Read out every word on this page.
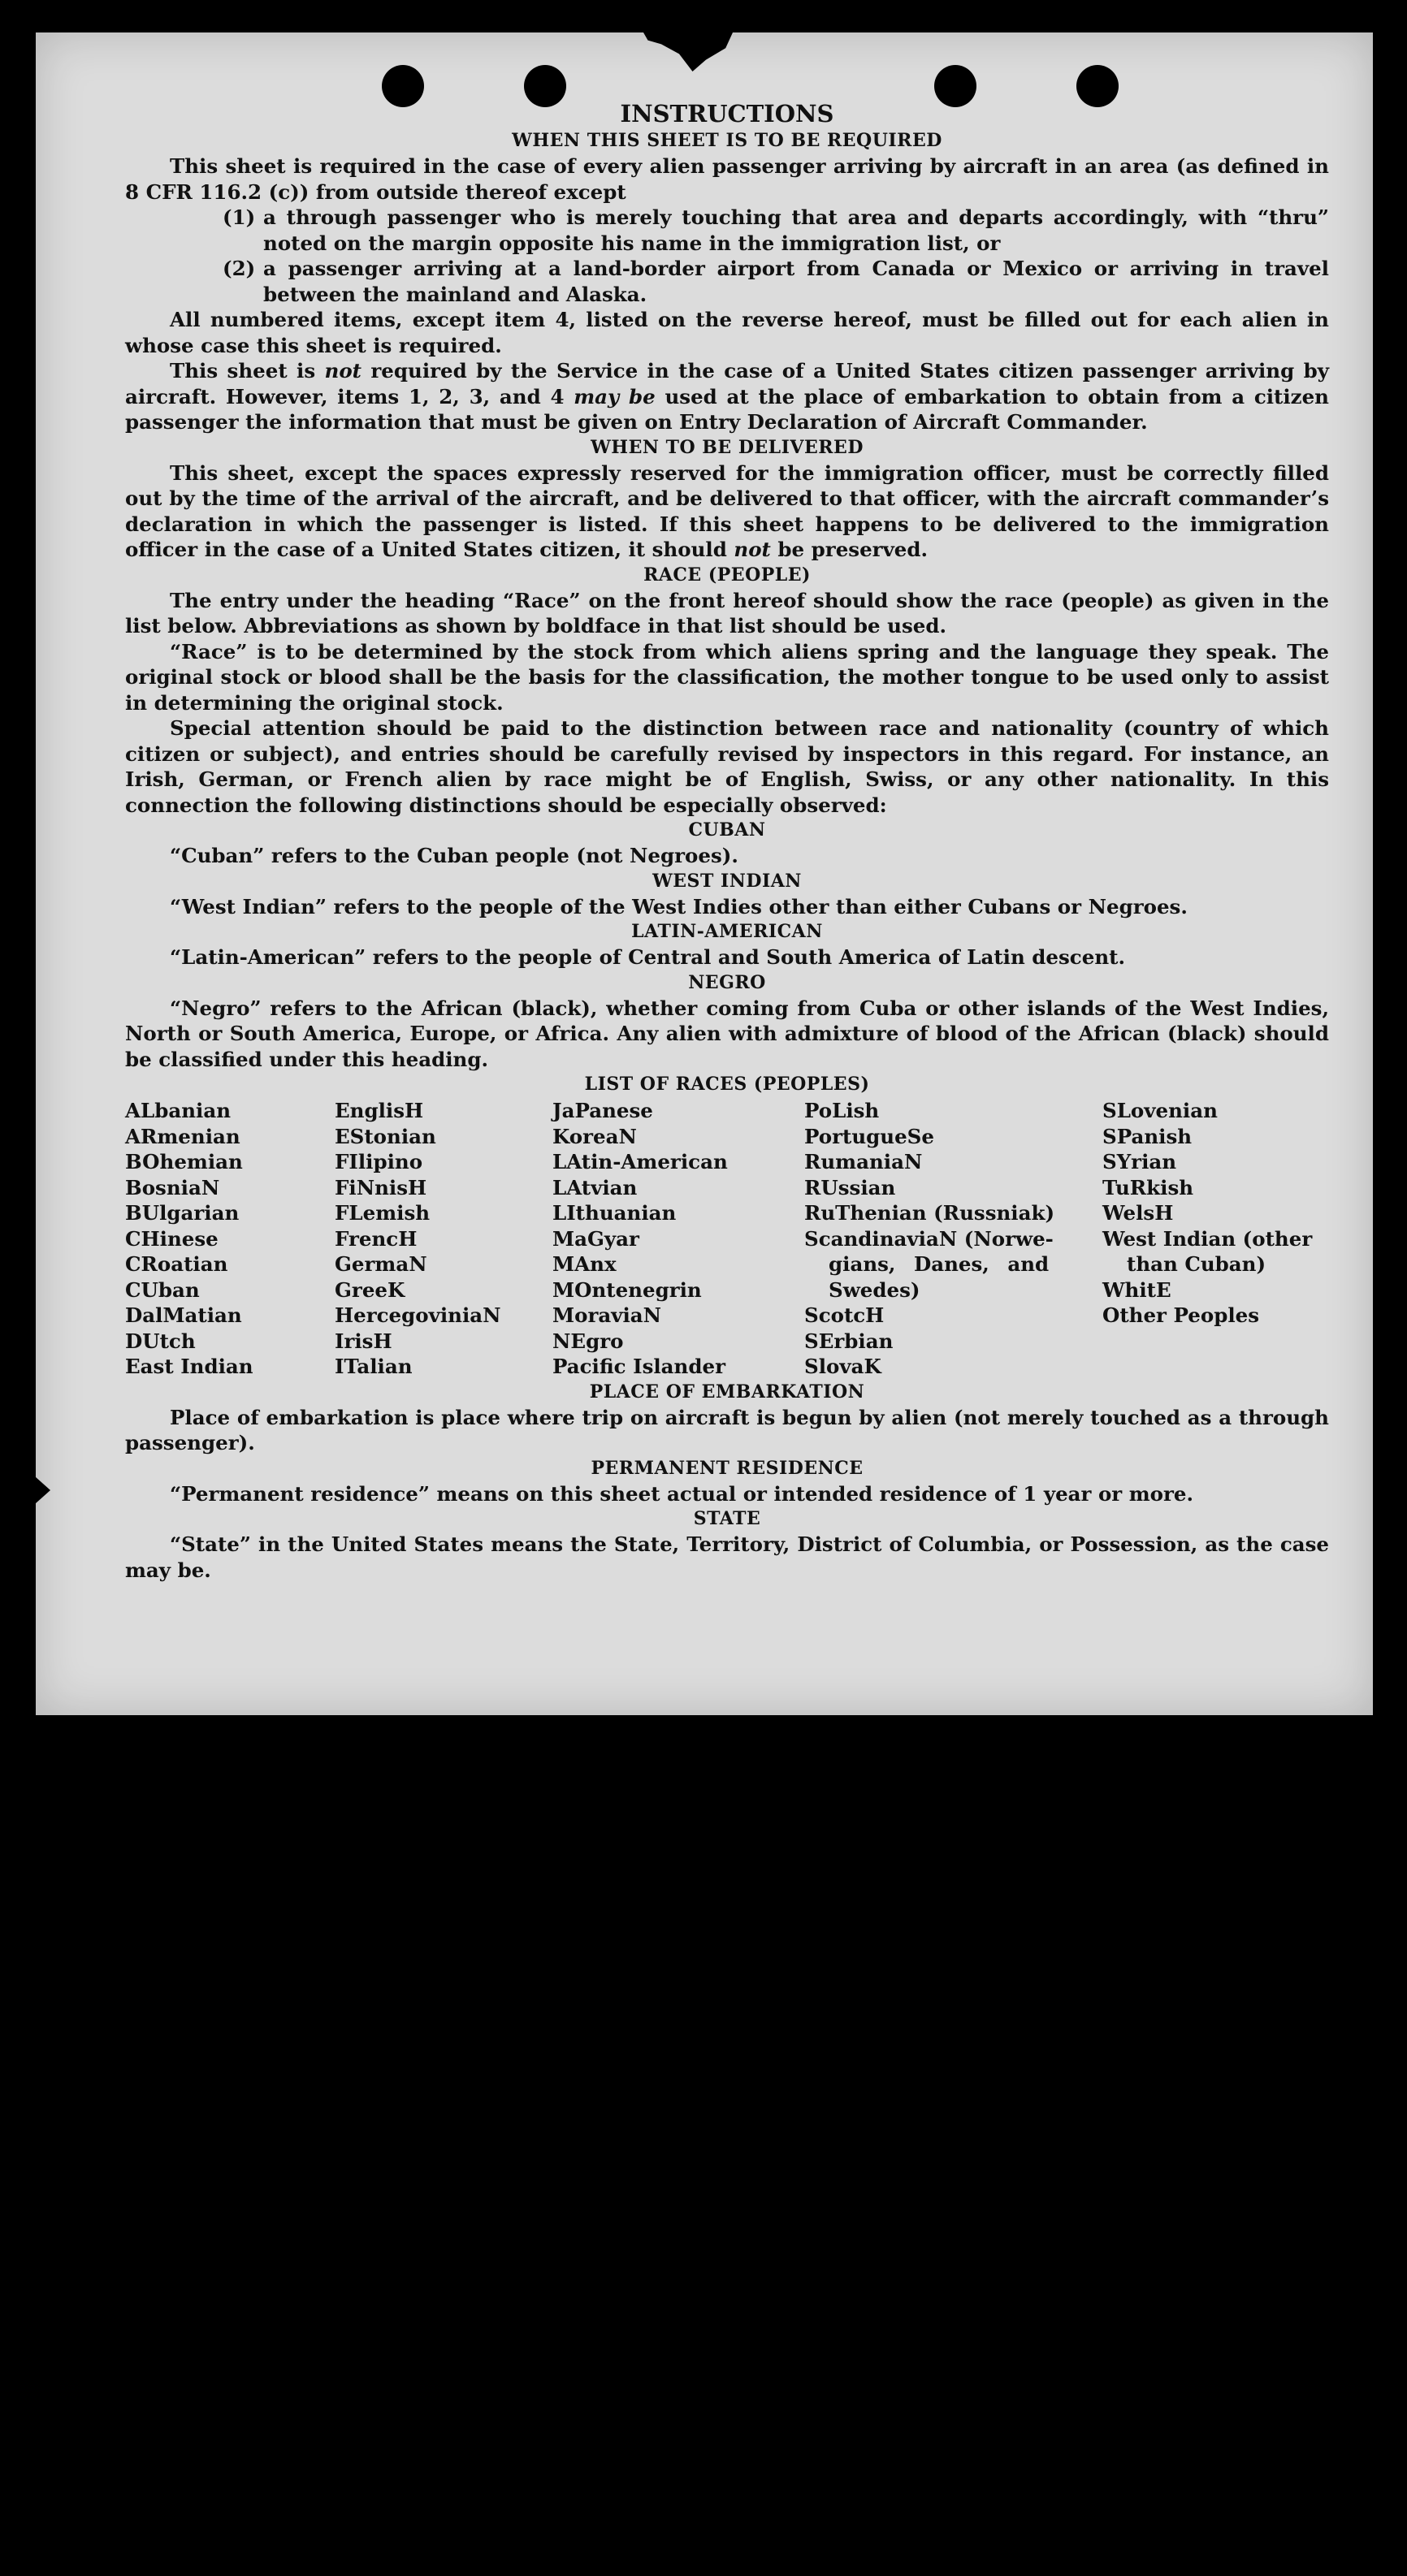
INSTRUCTIONS
WHEN THIS SHEET IS TO BE REQUIRED

This sheet is required in the case of every alien passenger arriving by aircraft in an area (as defined in 8 CFR 116.2 (c)) from outside thereof except

(1) a through passenger who is merely touching that area and departs accordingly, with “thru” noted on the margin opposite his name in the immigration list, or
(2) a passenger arriving at a land-border airport from Canada or Mexico or arriving in travel between the mainland and Alaska.

All numbered items, except item 4, listed on the reverse hereof, must be filled out for each alien in whose case this sheet is required.

This sheet is not required by the Service in the case of a United States citizen passenger arriving by aircraft. However, items 1, 2, 3, and 4 may be used at the place of embarkation to obtain from a citizen passenger the information that must be given on Entry Declaration of Aircraft Commander.

WHEN TO BE DELIVERED

This sheet, except the spaces expressly reserved for the immigration officer, must be correctly filled out by the time of the arrival of the aircraft, and be delivered to that officer, with the aircraft commander’s declaration in which the passenger is listed. If this sheet happens to be delivered to the immigration officer in the case of a United States citizen, it should not be preserved.

RACE (PEOPLE)

The entry under the heading “Race” on the front hereof should show the race (people) as given in the list below. Abbreviations as shown by boldface in that list should be used.

“Race” is to be determined by the stock from which aliens spring and the language they speak. The original stock or blood shall be the basis for the classification, the mother tongue to be used only to assist in determining the original stock.

Special attention should be paid to the distinction between race and nationality (country of which citizen or subject), and entries should be carefully revised by inspectors in this regard. For instance, an Irish, German, or French alien by race might be of English, Swiss, or any other nationality. In this connection the following distinctions should be especially observed:

CUBAN

“Cuban” refers to the Cuban people (not Negroes).

WEST INDIAN

“West Indian” refers to the people of the West Indies other than either Cubans or Negroes.

LATIN-AMERICAN

“Latin-American” refers to the people of Central and South America of Latin descent.

NEGRO

“Negro” refers to the African (black), whether coming from Cuba or other islands of the West Indies, North or South America, Europe, or Africa. Any alien with admixture of blood of the African (black) should be classified under this heading.

LIST OF RACES (PEOPLES)
ALbanian
ARmenian
BOhemian
BosniaN
BUlgarian
CHinese
CRoatian
CUban
DalMatian
DUtch
East Indian
EnglisH
EStonian
FIlipino
FiNnisH
FLemish
FrencH
GermaN
GreeK
HercegoviniaN
IrisH
ITalian
JaPanese
KoreaN
LAtin-American
LAtvian
LIthuanian
MaGyar
MAnx
MOntenegrin
MoraviaN
NEgro
Pacific Islander
PoLish
PortugueSe
RumaniaN
RUssian
RuThenian (Russniak)
ScandinaviaN (Norwe-
gians, Danes, and
Swedes)
ScotcH
SErbian
SlovaK
SLovenian
SPanish
SYrian
TuRkish
WelsH
West Indian (other
than Cuban)
WhitE
Other Peoples
PLACE OF EMBARKATION

Place of embarkation is place where trip on aircraft is begun by alien (not merely touched as a through passenger).

PERMANENT RESIDENCE

“Permanent residence” means on this sheet actual or intended residence of 1 year or more.

STATE

“State” in the United States means the State, Territory, District of Columbia, or Possession, as the case may be.
